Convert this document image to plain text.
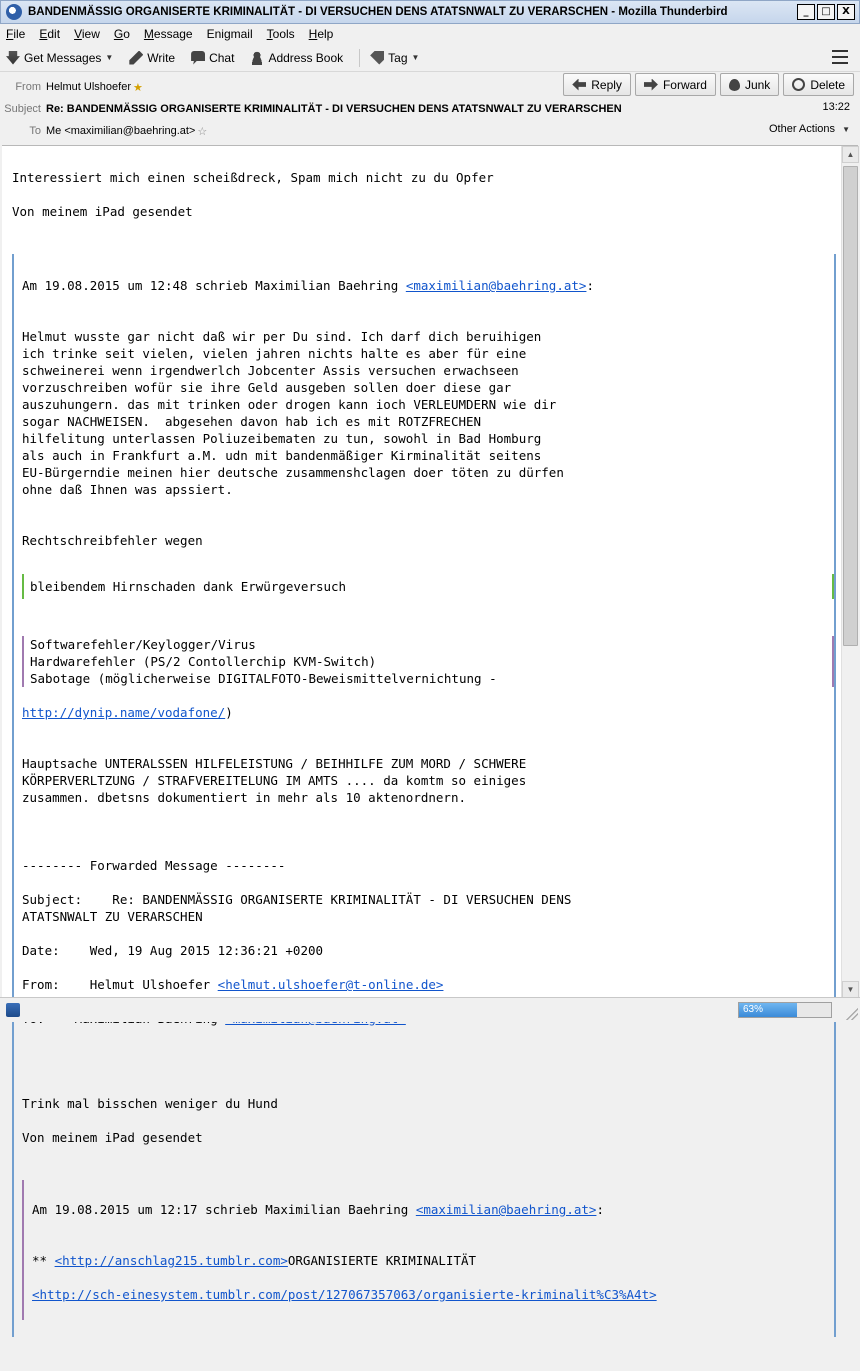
BANDENMÄSSIG ORGANISERTE KRIMINALITÄT - DI VERSUCHEN DENS ATATSNWALT ZU VERARSCHEN - Mozilla Thunderbird	_	□	X
File Edit View Go Message Enigmail Tools Help
Get Messages ▼	Write	Chat	Address Book	Tag ▼
From Helmut Ulshoefer ★	Reply	Forward	Junk	Delete
Subject Re: BANDENMÄSSIG ORGANISERTE KRIMINALITÄT - DI VERSUCHEN DENS ATATSNWALT ZU VERARSCHEN	13:22
To Me <maximilian@baehring.at> ☆	Other Actions ▼

Interessiert mich einen scheißdreck, Spam mich nicht zu du Opfer

Von meinem iPad gesendet

Am 19.08.2015 um 12:48 schrieb Maximilian Baehring <maximilian@baehring.at>:

Helmut wusste gar nicht daß wir per Du sind. Ich darf dich beruihigen
ich trinke seit vielen, vielen jahren nichts halte es aber für eine
schweinerei wenn irgendwerlch Jobcenter Assis versuchen erwachseen
vorzuschreiben wofür sie ihre Geld ausgeben sollen doer diese gar
auszuhungern. das mit trinken oder drogen kann ioch VERLEUMDERN wie dir
sogar NACHWEISEN.  abgesehen davon hab ich es mit ROTZFRECHEN
hilfelitung unterlassen Poliuzeibematen zu tun, sowohl in Bad Homburg
als auch in Frankfurt a.M. udn mit bandenmäßiger Kirminalität seitens
EU-Bürgerndie meinen hier deutsche zusammenshclagen doer töten zu dürfen
ohne daß Ihnen was apssiert.

Rechtschreibfehler wegen

bleibendem Hirnschaden dank Erwürgeversuch

Softwarefehler/Keylogger/Virus
Hardwarefehler (PS/2 Contollerchip KVM-Switch)
Sabotage (möglicherweise DIGITALFOTO-Beweismittelvernichtung -

http://dynip.name/vodafone/)

Hauptsache UNTERALSSEN HILFELEISTUNG / BEIHHILFE ZUM MORD / SCHWERE
KÖRPERVERLTZUNG / STRAFVEREITELUNG IM AMTS .... da komtm so einiges
zusammen. dbetsns dokumentiert in mehr als 10 aktenordnern.

-------- Forwarded Message --------

Subject:    Re: BANDENMÄSSIG ORGANISERTE KRIMINALITÄT - DI VERSUCHEN DENS
ATATSNWALT ZU VERARSCHEN

Date:    Wed, 19 Aug 2015 12:36:21 +0200

From:    Helmut Ulshoefer <helmut.ulshoefer@t-online.de>

Trink mal bisschen weniger du Hund

Von meinem iPad gesendet

Am 19.08.2015 um 12:17 schrieb Maximilian Baehring <maximilian@baehring.at>:

** <http://anschlag215.tumblr.com>ORGANISIERTE KRIMINALITÄT

<http://sch-einesystem.tumblr.com/post/127067357063/organisierte-kriminalit%C3%A4t>

▲
▼
63%
